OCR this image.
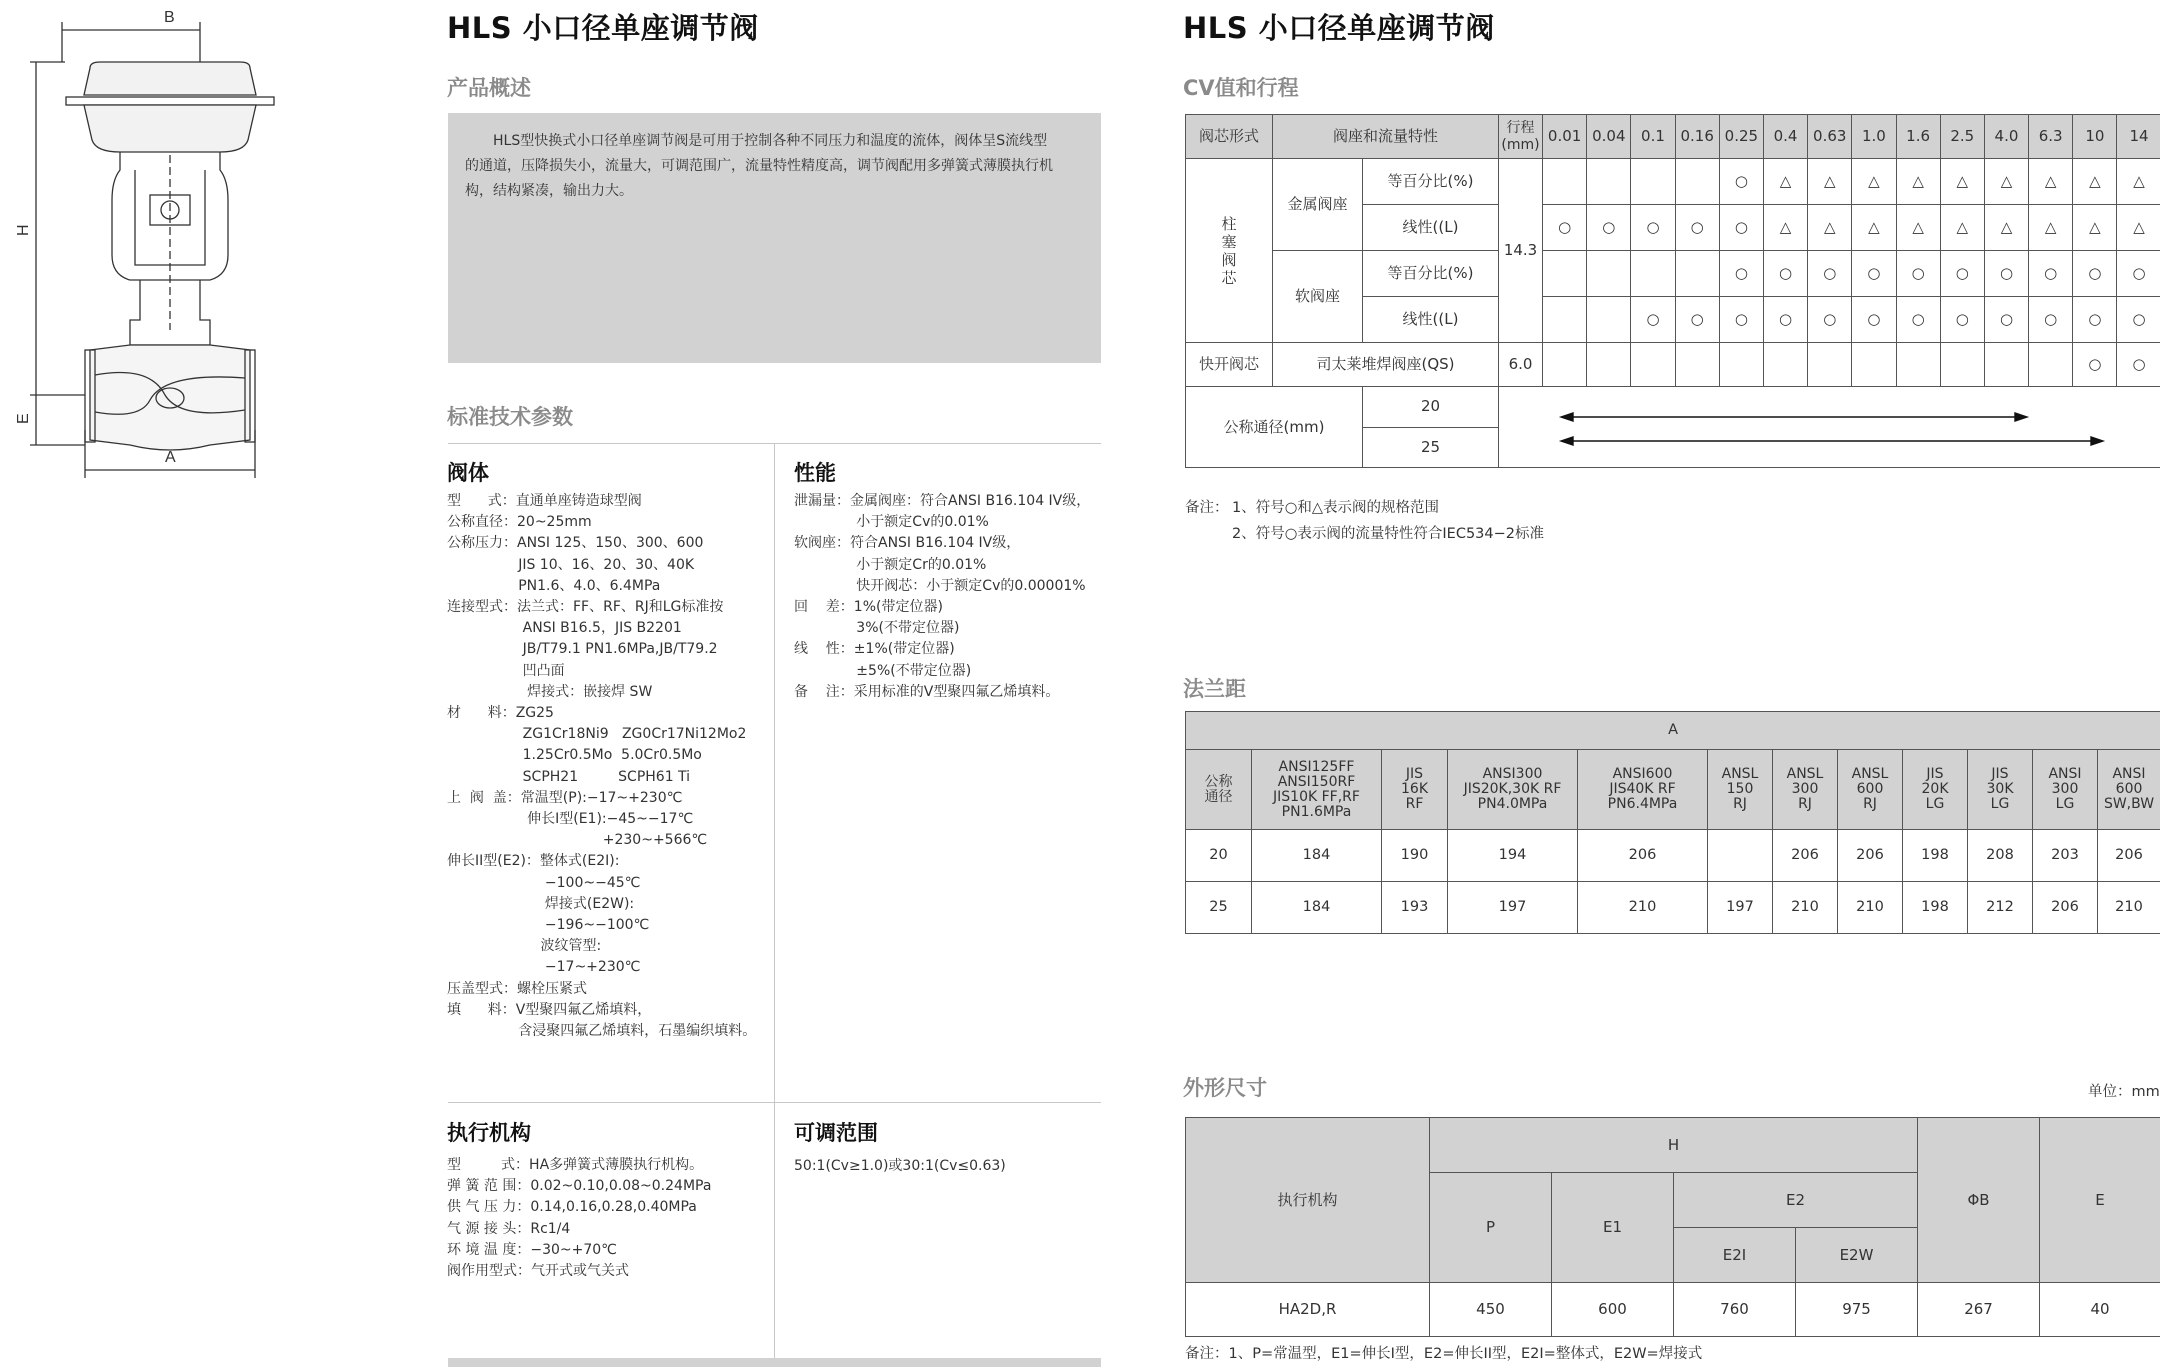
B
H
E
A
HLS 小口径单座调节阀
产品概述
HLS型快换式小口径单座调节阀是可用于控制各种不同压力和温度的流体，阀体呈S流线型
的通道，压降损失小，流量大，可调范围广，流量特性精度高，调节阀配用多弹簧式薄膜执行机
构，结构紧凑，输出力大。
标准技术参数
阀体
型      式：直通单座铸造球型阀
公称直径：20~25mm
公称压力：ANSI 125、150、300、600
JIS 10、16、20、30、40K
PN1.6、4.0、6.4MPa
连接型式：法兰式：FF、RF、RJ和LG标准按
ANSI B16.5，JIS B2201
JB/T79.1 PN1.6MPa,JB/T79.2
凹凸面
焊接式：嵌接焊 SW
材      料：ZG25
ZG1Cr18Ni9   ZG0Cr17Ni12Mo2
1.25Cr0.5Mo  5.0Cr0.5Mo
SCPH21         SCPH61 Ti
上  阀  盖：常温型(P):−17~+230℃
伸长I型(E1):−45~−17℃
+230~+566℃
伸长II型(E2)：整体式(E2I):
−100~−45℃
焊接式(E2W):
−196~−100℃
波纹管型:
−17~+230℃
压盖型式：螺栓压紧式
填      料：V型聚四氟乙烯填料，
含浸聚四氟乙烯填料，石墨编织填料。
性能
泄漏量：金属阀座：符合ANSI B16.104 IV级，
小于额定Cv的0.01%
软阀座：符合ANSI B16.104 IV级，
小于额定Cr的0.01%
快开阀芯：小于额定Cv的0.00001%
回    差：1%(带定位器)
3%(不带定位器)
线    性：±1%(带定位器)
±5%(不带定位器)
备    注：采用标准的V型聚四氟乙烯填料。
执行机构
型         式：HA多弹簧式薄膜执行机构。
弹 簧 范 围：0.02~0.10,0.08~0.24MPa
供 气 压 力：0.14,0.16,0.28,0.40MPa
气 源 接 头：Rc1/4
环 境 温 度：−30~+70℃
阀作用型式：气开式或气关式
可调范围
50:1(Cv≥1.0)或30:1(Cv≤0.63)
HLS 小口径单座调节阀
CV值和行程
阀芯形式	阀座和流量特性		行程
(mm)	0.01	0.04	0.1	0.16	0.25	0.4	0.63	1.0	1.6	2.5	4.0	6.3	10	14
柱
塞
阀
芯	金属阀座	等百分比(%)	14.3					○	△	△	△	△	△	△	△	△	△
		线性((L)		○	○	○	○	○	△	△	△	△	△	△	△	△	△
	软阀座	等百分比(%)						○	○	○	○	○	○	○	○	○	○
		线性((L)				○	○	○	○	○	○	○	○	○	○	○	○
快开阀芯	司太莱堆焊阀座(QS)		6.0													○	○
公称通径(mm)		20	

		25															
备注： 1、符号○和△表示阀的规格范围
2、符号○表示阀的流量特性符合IEC534−2标准
法兰距
A											
公称
通径	ANSI125FF
ANSI150RF
JIS10K FF,RF
PN1.6MPa	JIS
16K
RF	ANSI300
JIS20K,30K RF
PN4.0MPa	ANSI600
JIS40K RF
PN6.4MPa	ANSL
150
RJ	ANSL
300
RJ	ANSL
600
RJ	JIS
20K
LG	JIS
30K
LG	ANSI
300
LG	ANSI
600
SW,BW
20	184	190	194	206		206	206	198	208	203	206
25	184	193	197	210	197	210	210	198	212	206	210
外形尺寸	单位：mm
执行机构	H				ΦB	E
	P	E1	E2			
			E2I	E2W		
HA2D,R	450	600	760	975	267	40
备注：1、P=常温型，E1=伸长I型，E2=伸长II型，E2I=整体式，E2W=焊接式
